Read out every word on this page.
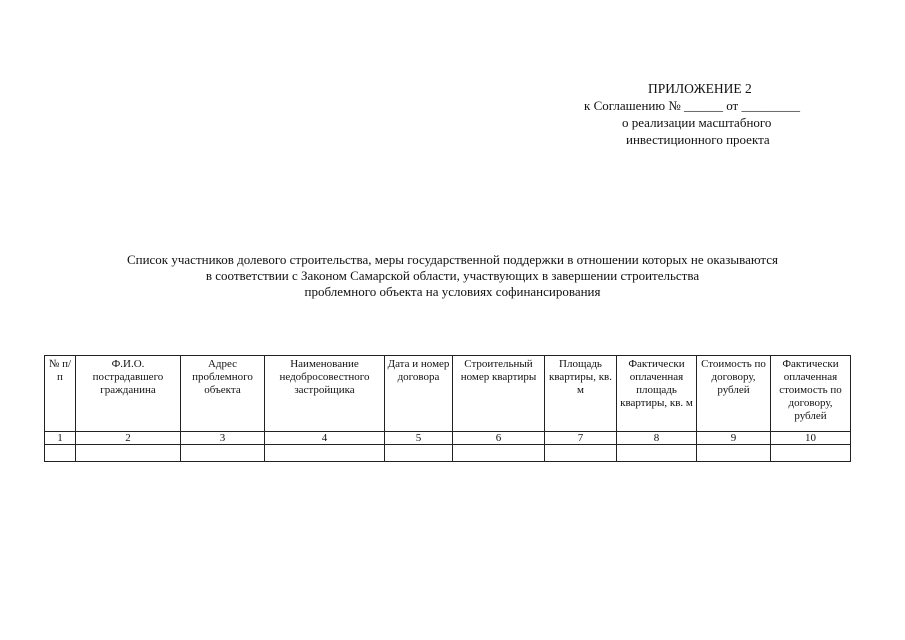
ПРИЛОЖЕНИЕ 2
к Соглашению № ______ от _________
о реализации масштабного
инвестиционного проекта
Список участников долевого строительства, меры государственной поддержки в отношении которых не оказываются
в соответствии с Законом Самарской области, участвующих в завершении строительства
проблемного объекта на условиях софинансирования
№ п/п	Ф.И.О. пострадавшего гражданина	Адрес проблемного объекта	Наименование недобросовестного застройщика	Дата и номер договора	Строительный номер квартиры	Площадь квартиры, кв. м	Фактически оплаченная площадь квартиры, кв. м	Стоимость по договору, рублей	Фактически оплаченная стоимость по договору, рублей
1	2	3	4	5	6	7	8	9	10
